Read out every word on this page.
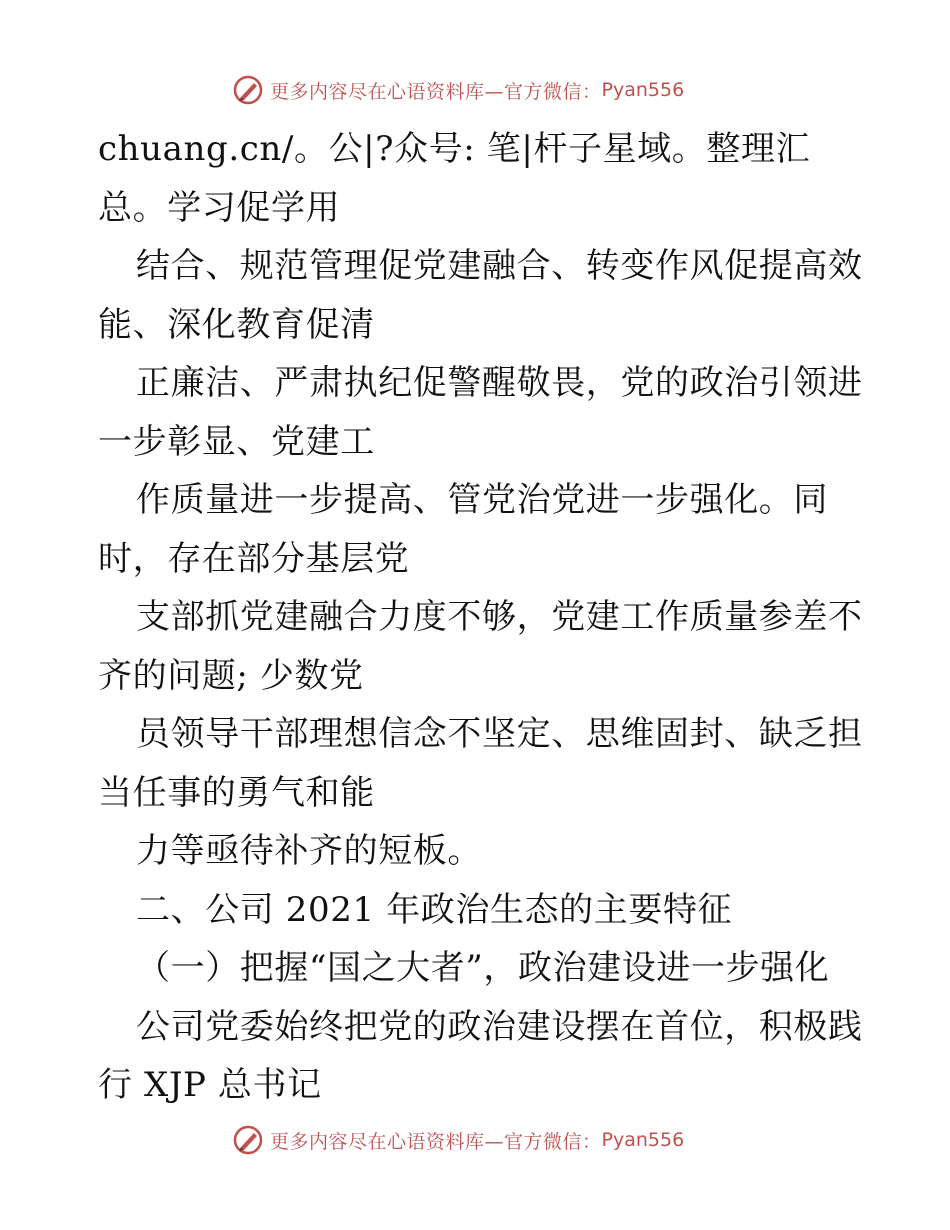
更多内容尽在心语资料库—官方微信： Pyan556
chuang.cn/。公|?众号: 笔|杆子星域。整理汇
总。学习促学用
结合、规范管理促党建融合、转变作风促提高效
能、深化教育促清
正廉洁、严肃执纪促警醒敬畏，党的政治引领进
一步彰显、党建工
作质量进一步提高、管党治党进一步强化。同
时，存在部分基层党
支部抓党建融合力度不够，党建工作质量参差不
齐的问题; 少数党
员领导干部理想信念不坚定、思维固封、缺乏担
当任事的勇气和能
力等亟待补齐的短板。
二、公司 2021 年政治生态的主要特征
（一）把握“国之大者”，政治建设进一步强化
公司党委始终把党的政治建设摆在首位，积极践
行 XJP 总书记
更多内容尽在心语资料库—官方微信： Pyan556
